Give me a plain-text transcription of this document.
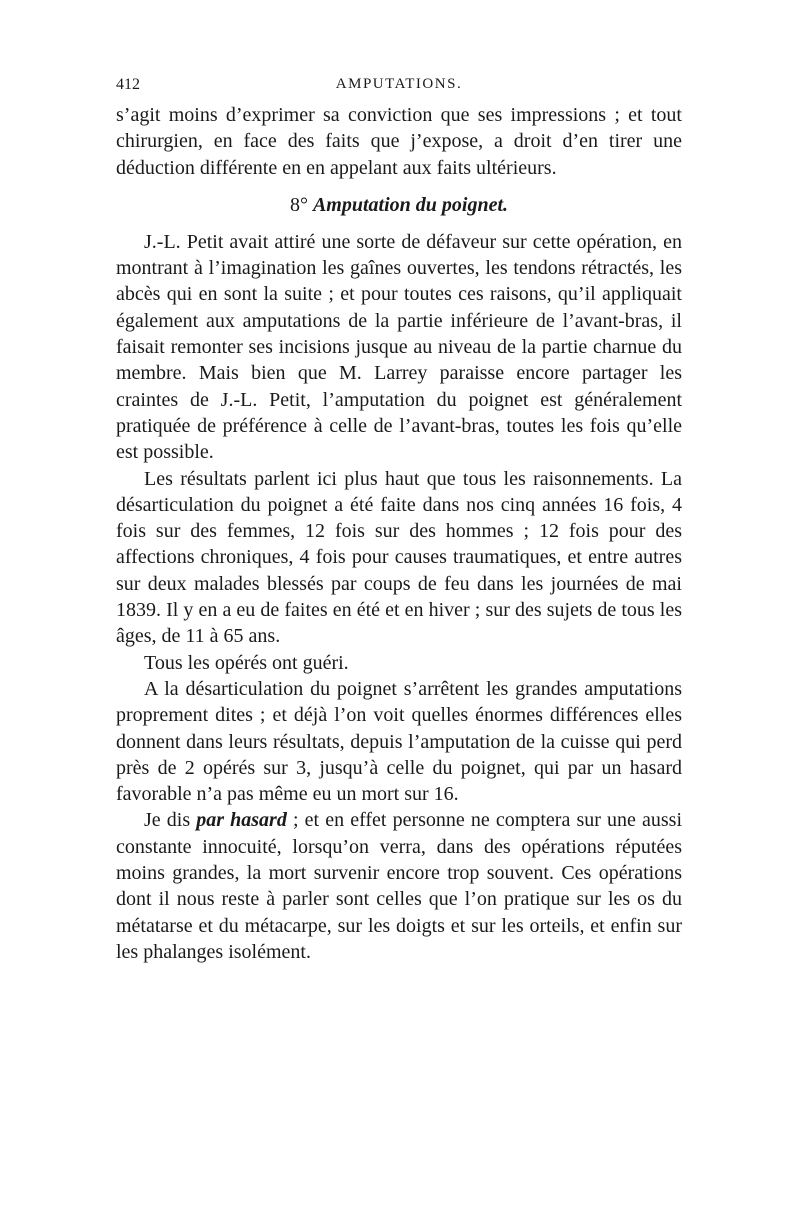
412	AMPUTATIONS.

s’agit moins d’exprimer sa conviction que ses impressions ; et tout chirurgien, en face des faits que j’expose, a droit d’en tirer une déduction différente en en appelant aux faits ultérieurs.

8° Amputation du poignet.

J.-L. Petit avait attiré une sorte de défaveur sur cette opération, en montrant à l’imagination les gaînes ouvertes, les tendons rétractés, les abcès qui en sont la suite ; et pour toutes ces raisons, qu’il appliquait également aux amputations de la partie inférieure de l’avant-bras, il faisait remonter ses incisions jusque au niveau de la partie charnue du membre. Mais bien que M. Larrey paraisse encore partager les craintes de J.-L. Petit, l’amputation du poignet est généralement pratiquée de préférence à celle de l’avant-bras, toutes les fois qu’elle est possible.

Les résultats parlent ici plus haut que tous les raisonnements. La désarticulation du poignet a été faite dans nos cinq années 16 fois, 4 fois sur des femmes, 12 fois sur des hommes ; 12 fois pour des affections chroniques, 4 fois pour causes traumatiques, et entre autres sur deux malades blessés par coups de feu dans les journées de mai 1839. Il y en a eu de faites en été et en hiver ; sur des sujets de tous les âges, de 11 à 65 ans.

Tous les opérés ont guéri.

A la désarticulation du poignet s’arrêtent les grandes amputations proprement dites ; et déjà l’on voit quelles énormes différences elles donnent dans leurs résultats, depuis l’amputation de la cuisse qui perd près de 2 opérés sur 3, jusqu’à celle du poignet, qui par un hasard favorable n’a pas même eu un mort sur 16.

Je dis par hasard ; et en effet personne ne comptera sur une aussi constante innocuité, lorsqu’on verra, dans des opérations réputées moins grandes, la mort survenir encore trop souvent. Ces opérations dont il nous reste à parler sont celles que l’on pratique sur les os du métatarse et du métacarpe, sur les doigts et sur les orteils, et enfin sur les phalanges isolément.
